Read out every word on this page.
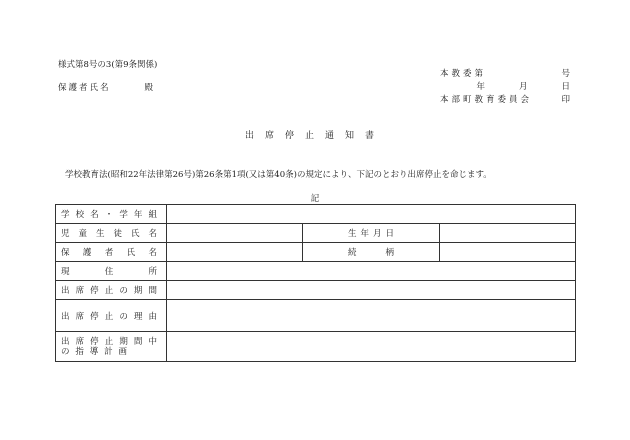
様式第8号の3(第9条関係)
保護者氏名	殿
本教委第	号
年	月	日
本部町教育委員会	印
出席停止通知書
学校教育法(昭和22年法律第26号)第26条第1項(又は第40条)の規定により、下記のとおり出席停止を命じます。
記
学校名・学年組			

児童生徒氏名		生年月日	

保護者氏名		続柄	

現住所			

出席停止の期間			

出席停止の理由			

出席停止期間中
の指導計画			
